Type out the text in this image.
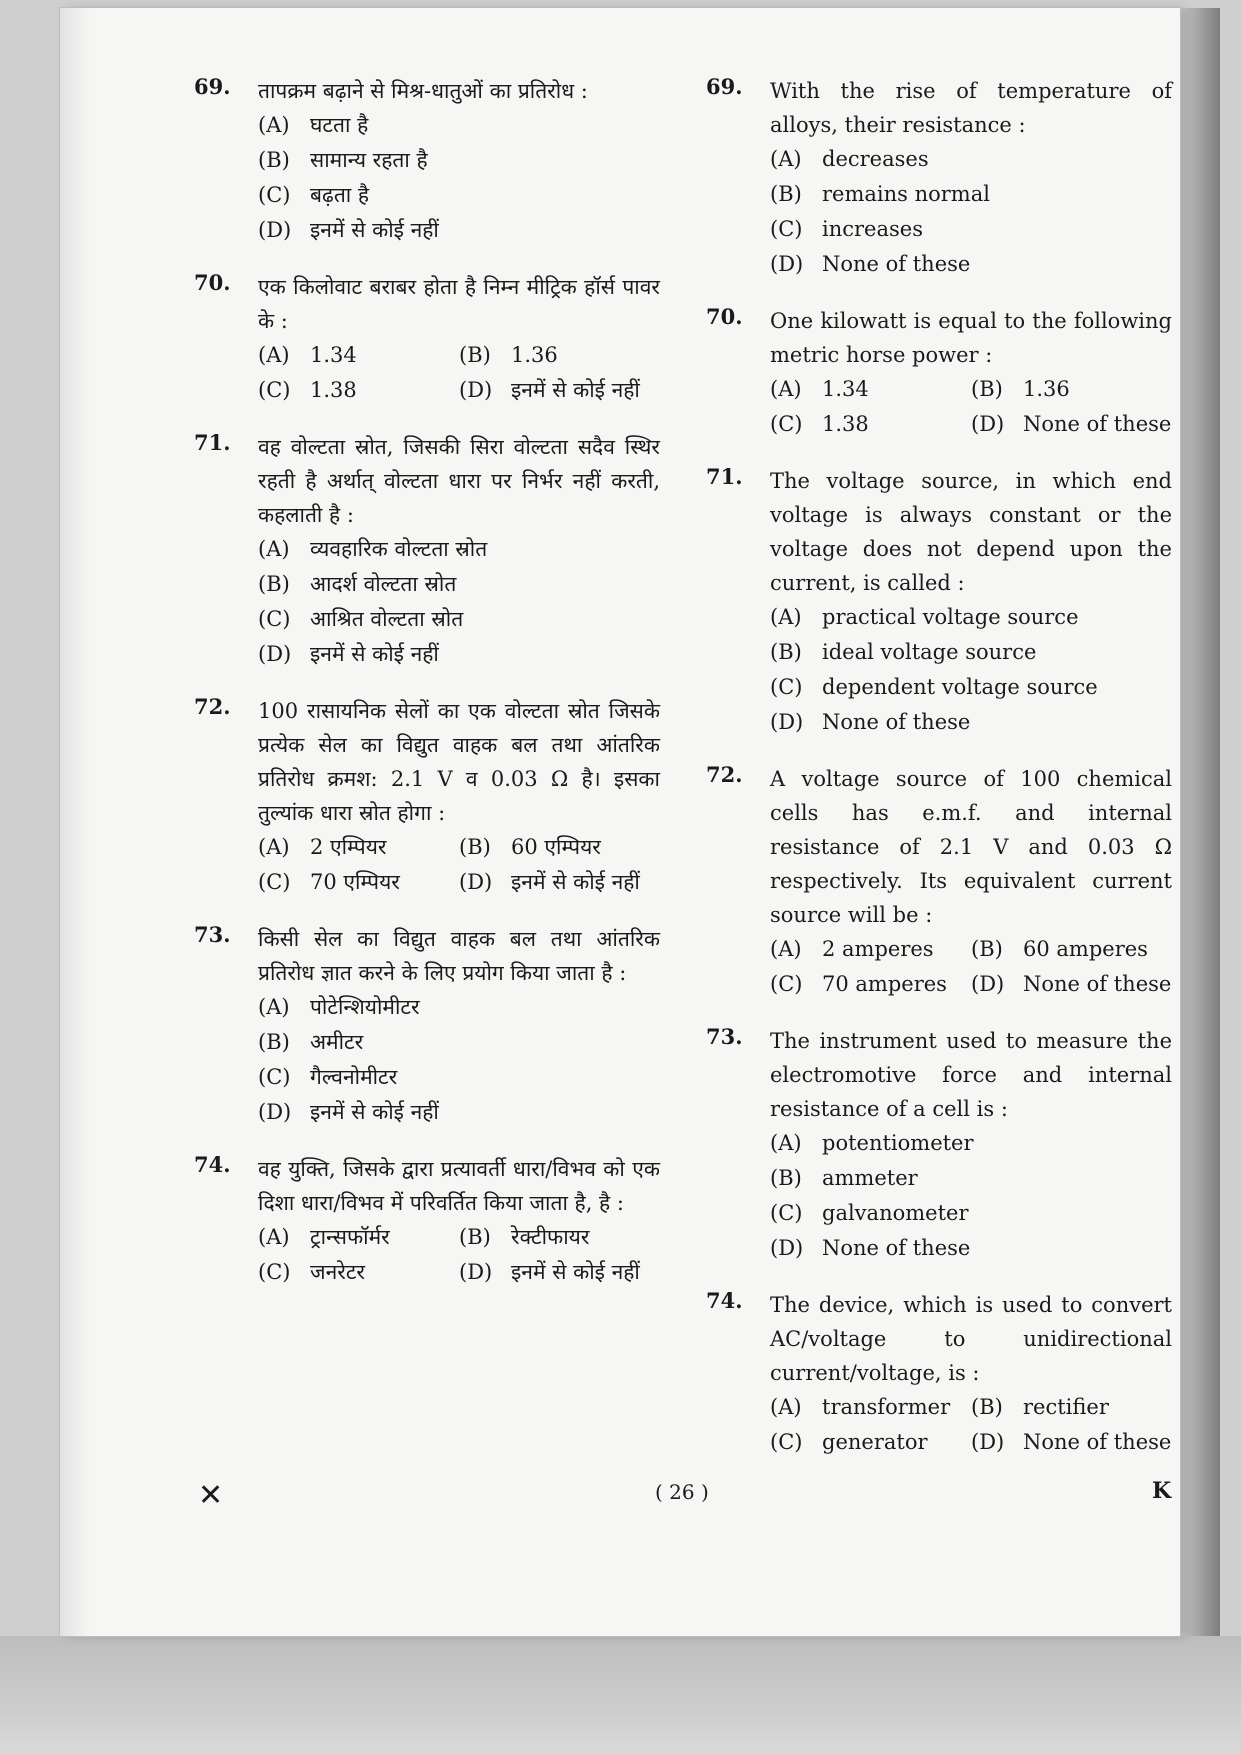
69. तापक्रम बढ़ाने से मिश्र-धातुओं का प्रतिरोध :
(A) घटता है
(B) सामान्य रहता है
(C) बढ़ता है
(D) इनमें से कोई नहीं
70. एक किलोवाट बराबर होता है निम्न मीट्रिक हॉर्स पावर के :
(A) 1.34	(B) 1.36
(C) 1.38	(D) इनमें से कोई नहीं
71. वह वोल्टता स्रोत, जिसकी सिरा वोल्टता सदैव स्थिर रहती है अर्थात् वोल्टता धारा पर निर्भर नहीं करती, कहलाती है :
(A) व्यवहारिक वोल्टता स्रोत
(B) आदर्श वोल्टता स्रोत
(C) आश्रित वोल्टता स्रोत
(D) इनमें से कोई नहीं
72. 100 रासायनिक सेलों का एक वोल्टता स्रोत जिसके प्रत्येक सेल का विद्युत वाहक बल तथा आंतरिक प्रतिरोध क्रमश: 2.1 V व 0.03 Ω है। इसका तुल्यांक धारा स्रोत होगा :
(A) 2 एम्पियर	(B) 60 एम्पियर
(C) 70 एम्पियर	(D) इनमें से कोई नहीं
73. किसी सेल का विद्युत वाहक बल तथा आंतरिक प्रतिरोध ज्ञात करने के लिए प्रयोग किया जाता है :
(A) पोटेन्शियोमीटर
(B) अमीटर
(C) गैल्वनोमीटर
(D) इनमें से कोई नहीं
74. वह युक्ति, जिसके द्वारा प्रत्यावर्ती धारा/विभव को एक दिशा धारा/विभव में परिवर्तित किया जाता है, है :
(A) ट्रान्सफॉर्मर	(B) रेक्टीफायर
(C) जनरेटर	(D) इनमें से कोई नहीं
69. With the rise of temperature of alloys, their resistance :
(A) decreases
(B) remains normal
(C) increases
(D) None of these
70. One kilowatt is equal to the following metric horse power :
(A) 1.34	(B) 1.36
(C) 1.38	(D) None of these
71. The voltage source, in which end voltage is always constant or the voltage does not depend upon the current, is called :
(A) practical voltage source
(B) ideal voltage source
(C) dependent voltage source
(D) None of these
72. A voltage source of 100 chemical cells has e.m.f. and internal resistance of 2.1 V and 0.03 Ω respectively. Its equivalent current source will be :
(A) 2 amperes (B) 60 amperes
(C) 70 amperes (D) None of these
73. The instrument used to measure the electromotive force and internal resistance of a cell is :
(A) potentiometer
(B) ammeter
(C) galvanometer
(D) None of these
74. The device, which is used to convert AC/voltage to unidirectional current/voltage, is :
(A) transformer (B) rectifier
(C) generator (D) None of these
✕	( 26 )	K
